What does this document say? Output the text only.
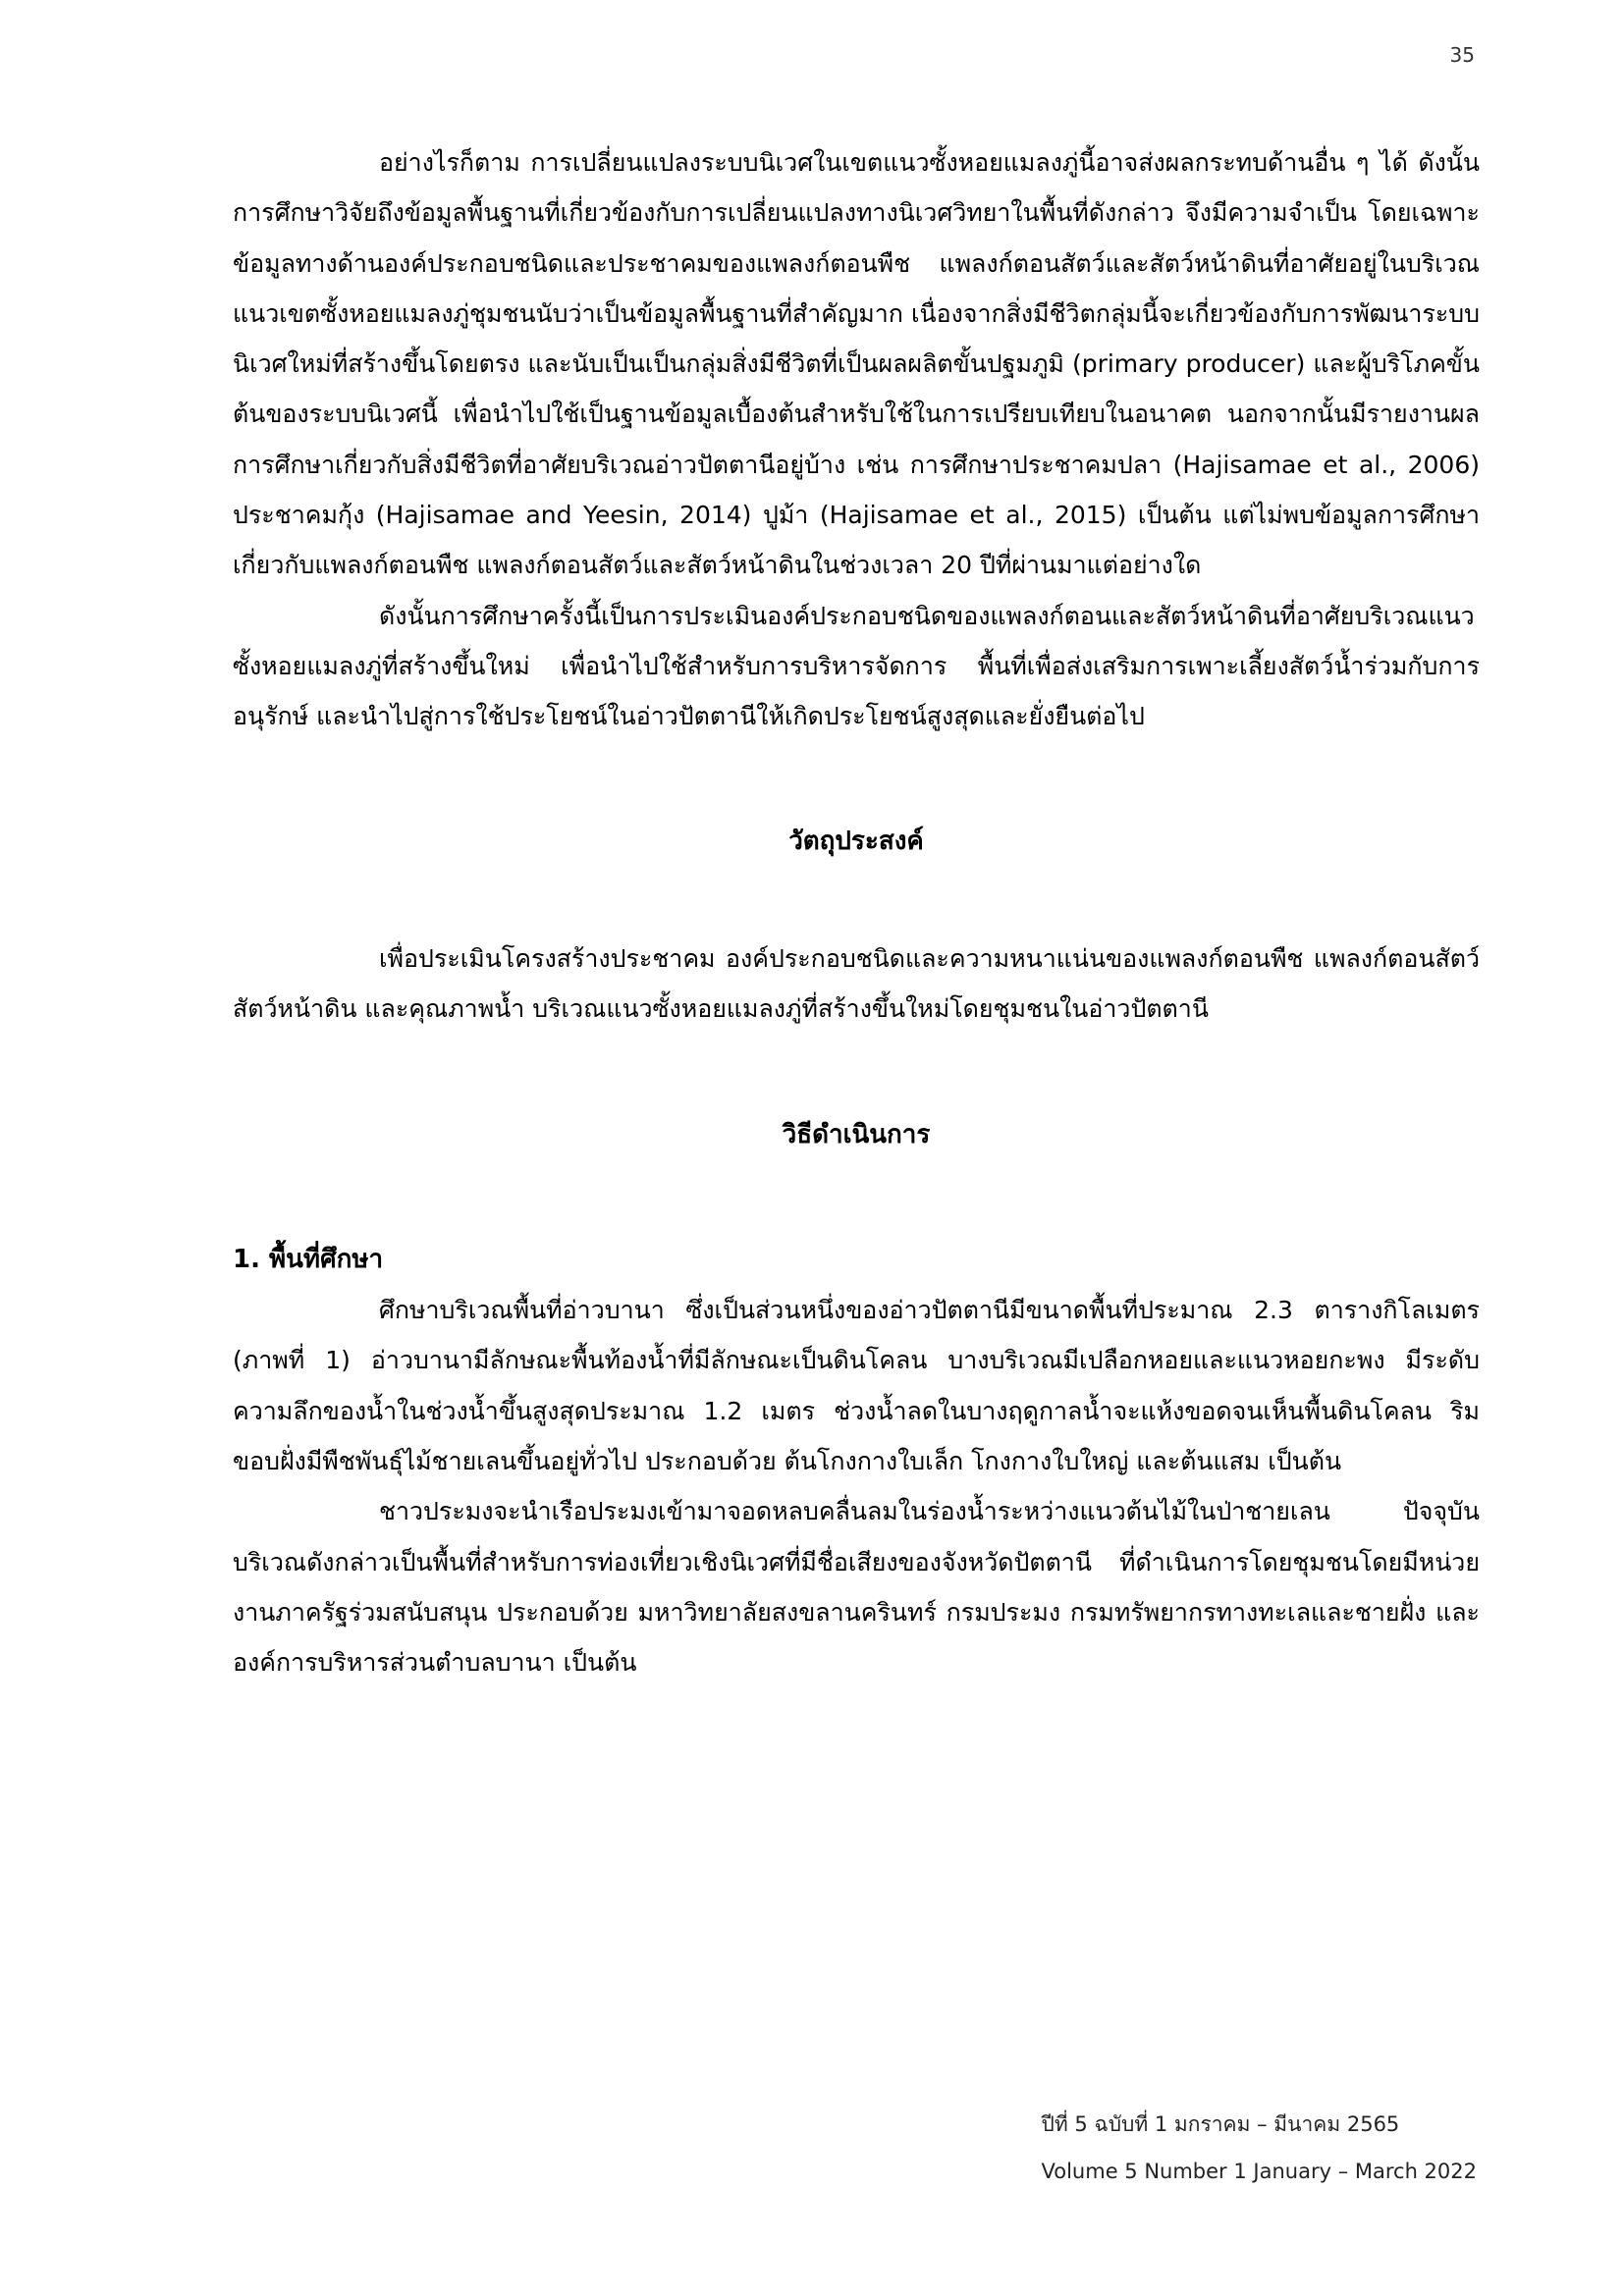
35

อย่างไรก็ตาม การเปลี่ยนแปลงระบบนิเวศในเขตแนวซั้งหอยแมลงภู่นี้อาจส่งผลกระทบด้านอื่น ๆ ได้ ดังนั้นการศึกษาวิจัยถึงข้อมูลพื้นฐานที่เกี่ยวข้องกับการเปลี่ยนแปลงทางนิเวศวิทยาในพื้นที่ดังกล่าว จึงมีความจำเป็น โดยเฉพาะข้อมูลทางด้านองค์ประกอบชนิดและประชาคมของแพลงก์ตอนพืช แพลงก์ตอนสัตว์และสัตว์หน้าดินที่อาศัยอยู่ในบริเวณแนวเขตซั้งหอยแมลงภู่ชุมชนนับว่าเป็นข้อมูลพื้นฐานที่สำคัญมาก เนื่องจากสิ่งมีชีวิตกลุ่มนี้จะเกี่ยวข้องกับการพัฒนาระบบนิเวศใหม่ที่สร้างขึ้นโดยตรง และนับเป็นเป็นกลุ่มสิ่งมีชีวิตที่เป็นผลผลิตขั้นปฐมภูมิ (primary producer) และผู้บริโภคขั้นต้นของระบบนิเวศนี้ เพื่อนำไปใช้เป็นฐานข้อมูลเบื้องต้นสำหรับใช้ในการเปรียบเทียบในอนาคต นอกจากนั้นมีรายงานผลการศึกษาเกี่ยวกับสิ่งมีชีวิตที่อาศัยบริเวณอ่าวปัตตานีอยู่บ้าง เช่น การศึกษาประชาคมปลา (Hajisamae et al., 2006) ประชาคมกุ้ง (Hajisamae and Yeesin, 2014) ปูม้า (Hajisamae et al., 2015) เป็นต้น แต่ไม่พบข้อมูลการศึกษาเกี่ยวกับแพลงก์ตอนพืช แพลงก์ตอนสัตว์และสัตว์หน้าดินในช่วงเวลา 20 ปีที่ผ่านมาแต่อย่างใด

ดังนั้นการศึกษาครั้งนี้เป็นการประเมินองค์ประกอบชนิดของแพลงก์ตอนและสัตว์หน้าดินที่อาศัยบริเวณแนวซั้งหอยแมลงภู่ที่สร้างขึ้นใหม่ เพื่อนำไปใช้สำหรับการบริหารจัดการ พื้นที่เพื่อส่งเสริมการเพาะเลี้ยงสัตว์น้ำร่วมกับการอนุรักษ์ และนำไปสู่การใช้ประโยชน์ในอ่าวปัตตานีให้เกิดประโยชน์สูงสุดและยั่งยืนต่อไป

วัตถุประสงค์

เพื่อประเมินโครงสร้างประชาคม องค์ประกอบชนิดและความหนาแน่นของแพลงก์ตอนพืช แพลงก์ตอนสัตว์ สัตว์หน้าดิน และคุณภาพน้ำ บริเวณแนวซั้งหอยแมลงภู่ที่สร้างขึ้นใหม่โดยชุมชนในอ่าวปัตตานี

วิธีดำเนินการ
1. พื้นที่ศึกษา

ศึกษาบริเวณพื้นที่อ่าวบานา ซึ่งเป็นส่วนหนึ่งของอ่าวปัตตานีมีขนาดพื้นที่ประมาณ 2.3 ตารางกิโลเมตร (ภาพที่ 1) อ่าวบานามีลักษณะพื้นท้องน้ำที่มีลักษณะเป็นดินโคลน บางบริเวณมีเปลือกหอยและแนวหอยกะพง มีระดับความลึกของน้ำในช่วงน้ำขึ้นสูงสุดประมาณ 1.2 เมตร ช่วงน้ำลดในบางฤดูกาลน้ำจะแห้งขอดจนเห็นพื้นดินโคลน ริมขอบฝั่งมีพืชพันธุ์ไม้ชายเลนขึ้นอยู่ทั่วไป ประกอบด้วย ต้นโกงกางใบเล็ก โกงกางใบใหญ่ และต้นแสม เป็นต้น

ชาวประมงจะนำเรือประมงเข้ามาจอดหลบคลื่นลมในร่องน้ำระหว่างแนวต้นไม้ในป่าชายเลน ปัจจุบันบริเวณดังกล่าวเป็นพื้นที่สำหรับการท่องเที่ยวเชิงนิเวศที่มีชื่อเสียงของจังหวัดปัตตานี ที่ดำเนินการโดยชุมชนโดยมีหน่วยงานภาครัฐร่วมสนับสนุน ประกอบด้วย มหาวิทยาลัยสงขลานครินทร์ กรมประมง กรมทรัพยากรทางทะเลและชายฝั่ง และองค์การบริหารส่วนตำบลบานา เป็นต้น

ปีที่ 5 ฉบับที่ 1 มกราคม – มีนาคม 2565
Volume 5 Number 1 January – March 2022
